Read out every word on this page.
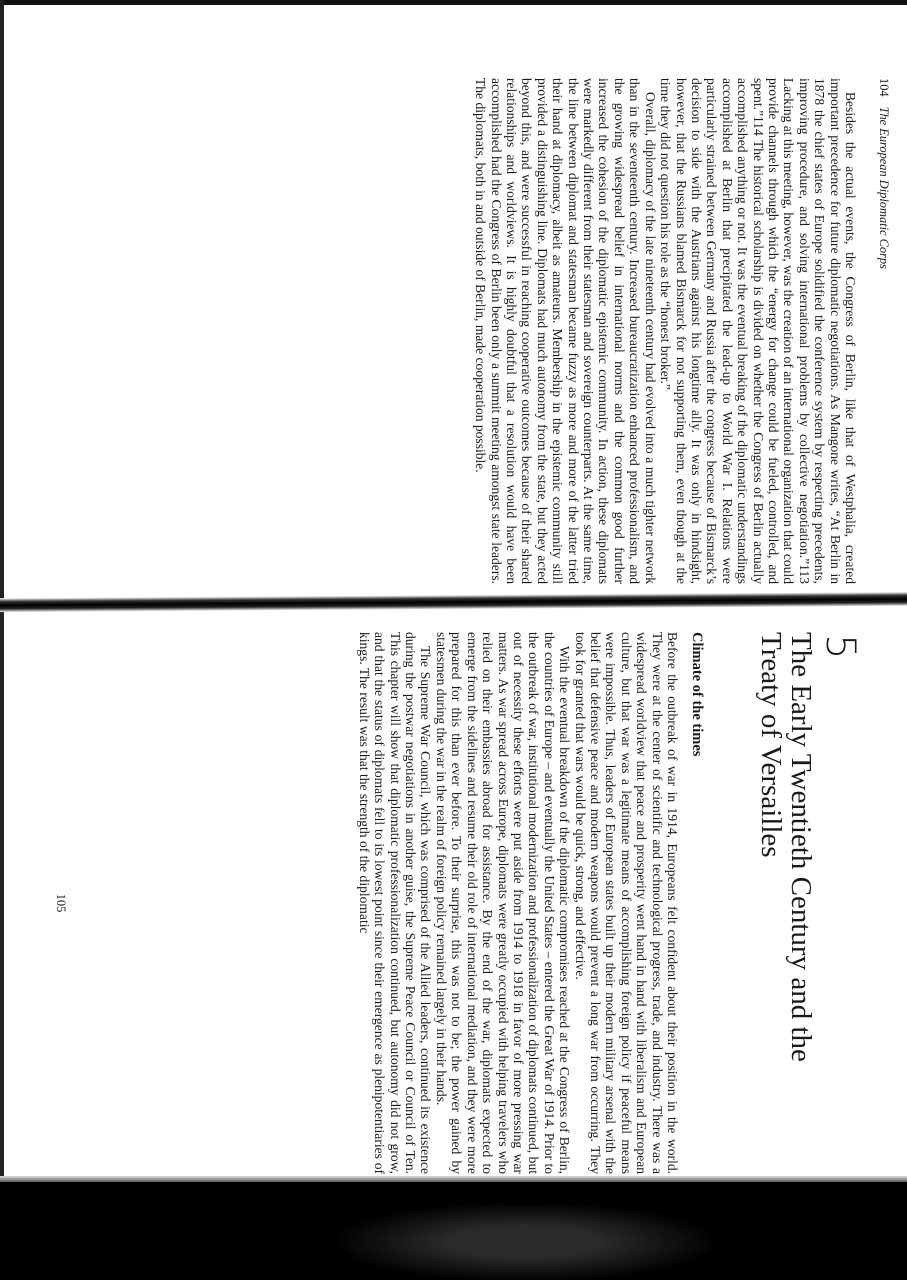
104
The European Diplomatic Corps

Besides the actual events, the Congress of Berlin, like that of Westphalia, created important precedence for future diplomatic negotiations. As Mangone writes, “At Berlin in 1878 the chief states of Europe solidified the conference system by respecting precedents, improving procedure, and solving international problems by collective negotiation.”113 Lacking at this meeting, however, was the creation of an international organization that could provide channels through which the “energy for change could be fueled, controlled, and spent.”114 The historical scholarship is divided on whether the Congress of Berlin actually accomplished anything or not. It was the eventual breaking of the diplomatic understandings accomplished at Berlin that precipitated the lead-up to World War I. Relations were particularly strained between Germany and Russia after the congress because of Bismarck’s decision to side with the Austrians against his longtime ally. It was only in hindsight, however, that the Russians blamed Bismarck for not supporting them, even though at the time they did not question his role as the “honest broker.”

Overall, diplomacy of the late nineteenth century had evolved into a much tighter network than in the seventeenth century. Increased bureaucratization enhanced professionalism, and the growing widespread belief in international norms and the common good further increased the cohesion of the diplomatic epistemic community. In action, these diplomats were markedly different from their statesman and sovereign counterparts. At the same time, the line between diplomat and statesman became fuzzy as more and more of the latter tried their hand at diplomacy, albeit as amateurs. Membership in the epistemic community still provided a distinguishing line. Diplomats had much autonomy from the state, but they acted beyond this, and were successful in reaching cooperative outcomes because of their shared relationships and worldviews. It is highly doubtful that a resolution would have been accomplished had the Congress of Berlin been only a summit meeting amongst state leaders. The diplomats, both in and outside of Berlin, made cooperation possible.

5
The Early Twentieth Century and the
Treaty of Versailles
Climate of the times

Before the outbreak of war in 1914, Europeans felt confident about their position in the world. They were at the center of scientific and technological progress, trade, and industry. There was a widespread worldview that peace and prosperity went hand in hand with liberalism and European culture, but that war was a legitimate means of accomplishing foreign policy if peaceful means were impossible. Thus, leaders of European states built up their modern military arsenal with the belief that defensive peace and modern weapons would prevent a long war from occurring. They took for granted that wars would be quick, strong, and effective.

With the eventual breakdown of the diplomatic compromises reached at the Congress of Berlin, the countries of Europe – and eventually the United States – entered the Great War of 1914. Prior to the outbreak of war, institutional modernization and professionalization of diplomats continued, but out of necessity these efforts were put aside from 1914 to 1918 in favor of more pressing war matters. As war spread across Europe, diplomats were greatly occupied with helping travelers who relied on their embassies abroad for assistance. By the end of the war, diplomats expected to emerge from the sidelines and resume their old role of international mediation, and they were more prepared for this than ever before. To their surprise, this was not to be; the power gained by statesmen during the war in the realm of foreign policy remained largely in their hands.

The Supreme War Council, which was comprised of the Allied leaders, continued its existence during the postwar negotiations in another guise, the Supreme Peace Council or Council of Ten. This chapter will show that diplomatic professionalization continued, but autonomy did not grow, and that the status of diplomats fell to its lowest point since their emergence as plenipotentiaries of kings. The result was that the strength of the diplomatic

105
